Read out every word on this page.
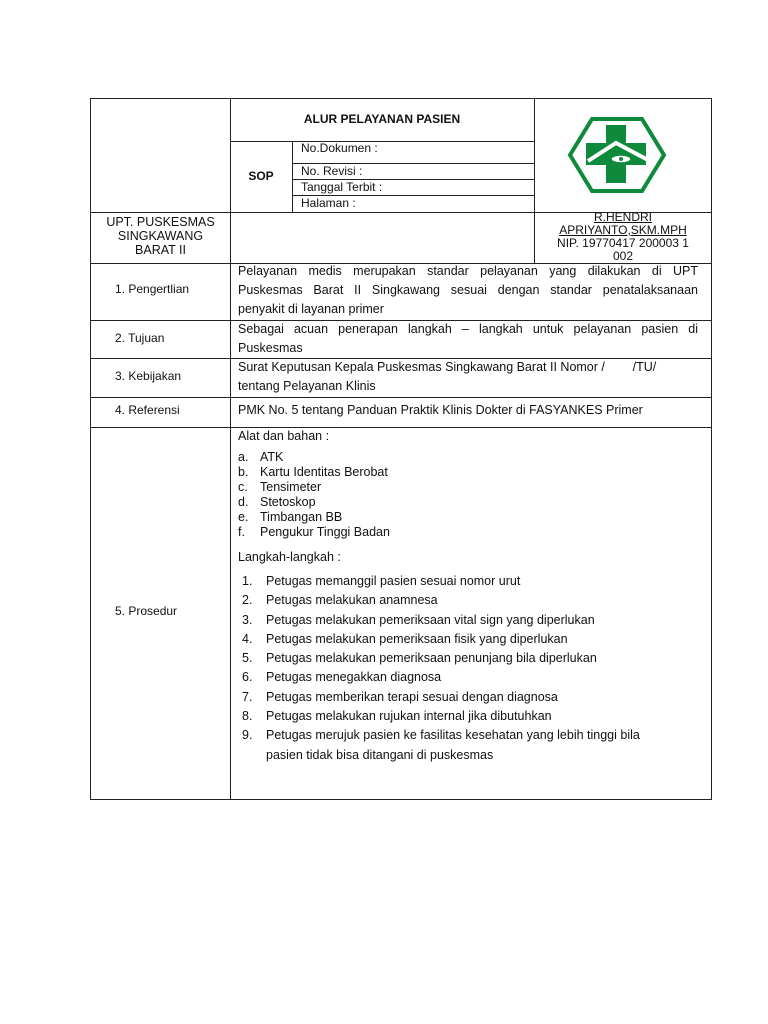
ALUR PELAYANAN PASIEN
SOP
No.Dokumen :
No. Revisi :
Tanggal Terbit :
Halaman :
UPT. PUSKESMAS
SINGKAWANG
BARAT II
R.HENDRI APRIYANTO,SKM.MPH
NIP. 19770417 200003 1
002
1. Pengertlian
Pelayanan medis merupakan standar pelayanan yang dilakukan di UPT
Puskesmas Barat II Singkawang sesuai dengan standar penatalaksanaan
penyakit di layanan primer
2. Tujuan
Sebagai acuan penerapan langkah – langkah untuk pelayanan pasien di
Puskesmas
3. Kebijakan
Surat Keputusan Kepala Puskesmas Singkawang Barat II Nomor /        /TU/
tentang Pelayanan Klinis
4. Referensi	PMK No. 5 tentang Panduan Praktik Klinis Dokter di FASYANKES Primer
5. Prosedur
Alat dan bahan :
a. ATK
b. Kartu Identitas Berobat
c. Tensimeter
d. Stetoskop
e. Timbangan BB
f. Pengukur Tinggi Badan
Langkah-langkah :
1. Petugas memanggil pasien sesuai nomor urut
2. Petugas melakukan anamnesa
3. Petugas melakukan pemeriksaan vital sign yang diperlukan
4. Petugas melakukan pemeriksaan fisik yang diperlukan
5. Petugas melakukan pemeriksaan penunjang bila diperlukan
6. Petugas menegakkan diagnosa
7. Petugas memberikan terapi sesuai dengan diagnosa
8. Petugas melakukan rujukan internal jika dibutuhkan
9. Petugas merujuk pasien ke fasilitas kesehatan yang lebih tinggi bila
pasien tidak bisa ditangani di puskesmas
